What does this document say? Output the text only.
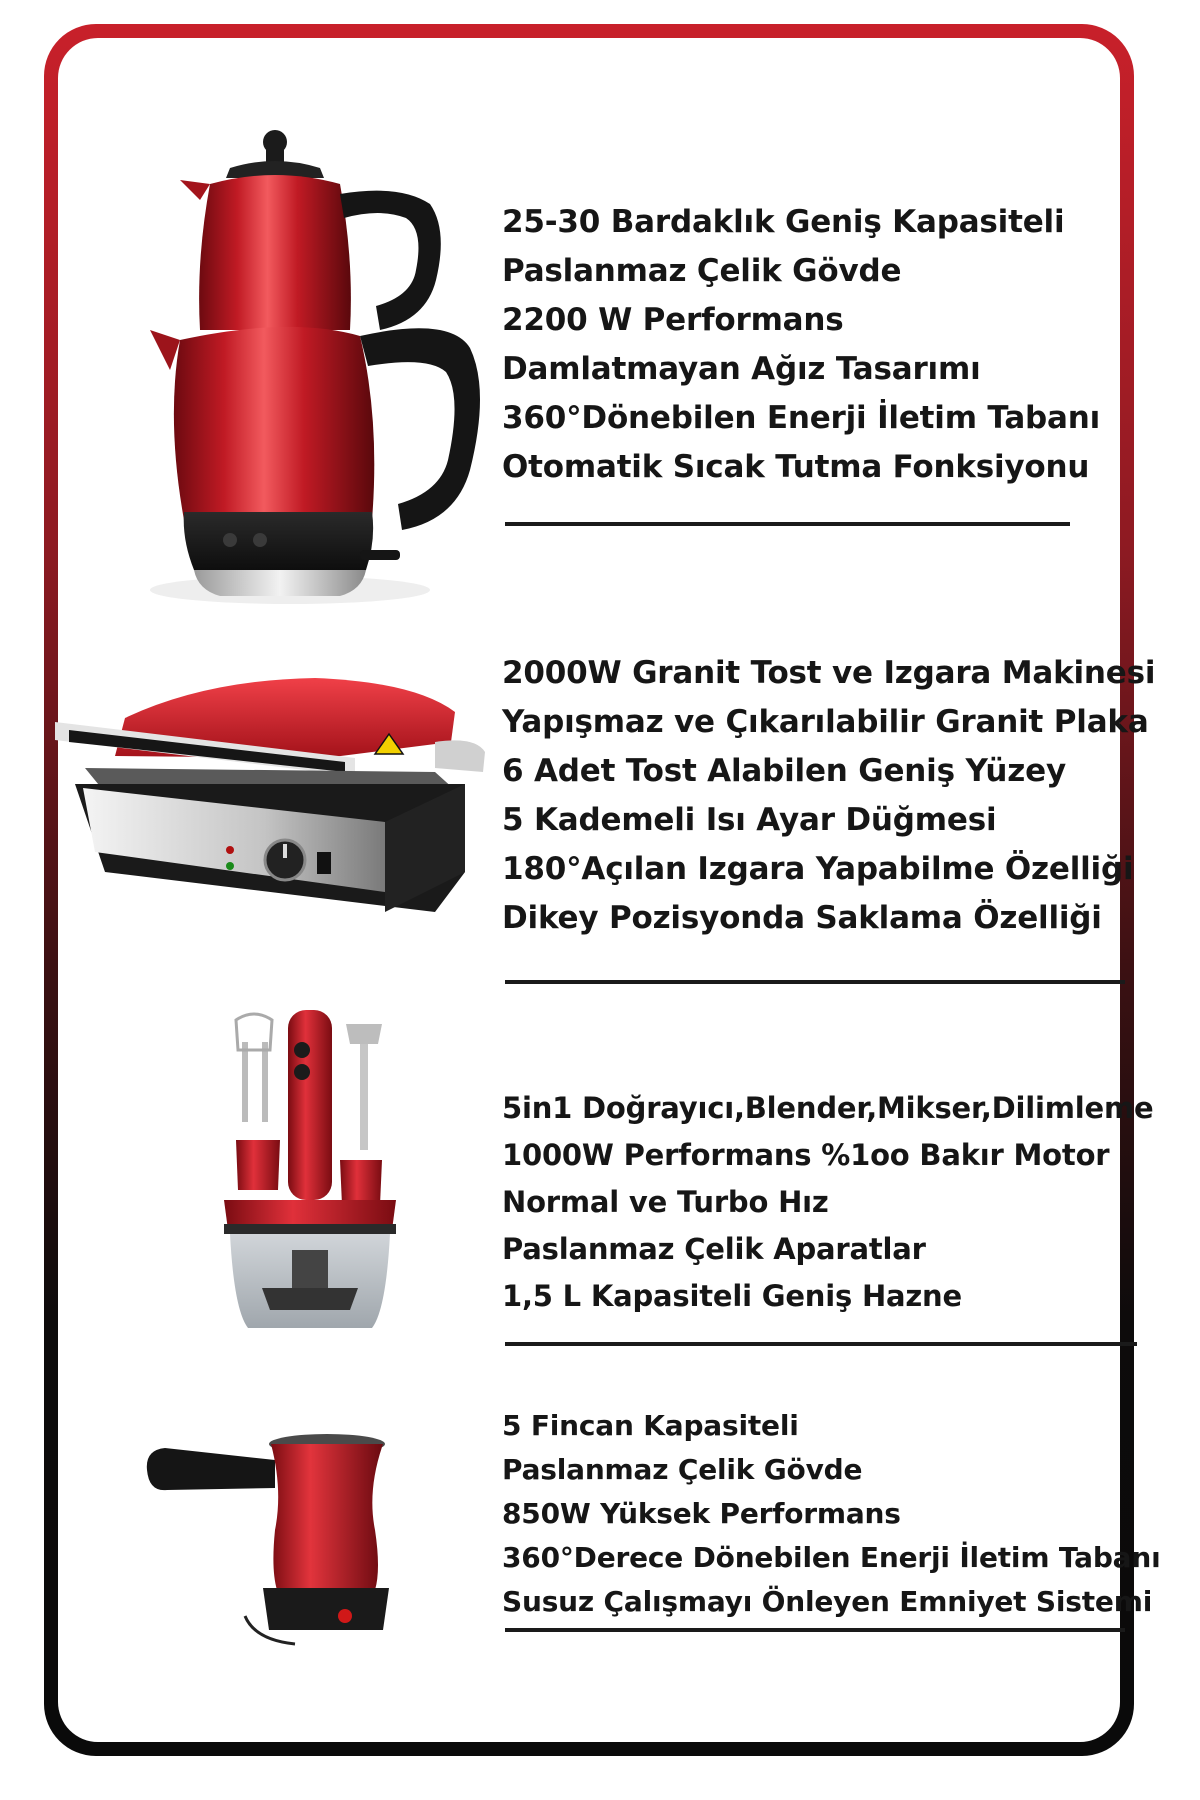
25-30 Bardaklık Geniş Kapasiteli
Paslanmaz Çelik Gövde
2200 W Performans
Damlatmayan Ağız Tasarımı
360°Dönebilen Enerji İletim Tabanı
Otomatik Sıcak Tutma Fonksiyonu
2000W Granit Tost ve Izgara Makinesi
Yapışmaz ve Çıkarılabilir Granit Plaka
6 Adet Tost Alabilen Geniş Yüzey
5 Kademeli Isı Ayar Düğmesi
180°Açılan Izgara Yapabilme Özelliği
Dikey Pozisyonda Saklama Özelliği
5in1 Doğrayıcı,Blender,Mikser,Dilimleme
1000W Performans %1oo Bakır Motor
Normal ve Turbo Hız
Paslanmaz Çelik Aparatlar
1,5 L Kapasiteli Geniş Hazne
5 Fincan Kapasiteli
Paslanmaz Çelik Gövde
850W Yüksek Performans
360°Derece Dönebilen Enerji İletim Tabanı
Susuz Çalışmayı Önleyen Emniyet Sistemi
